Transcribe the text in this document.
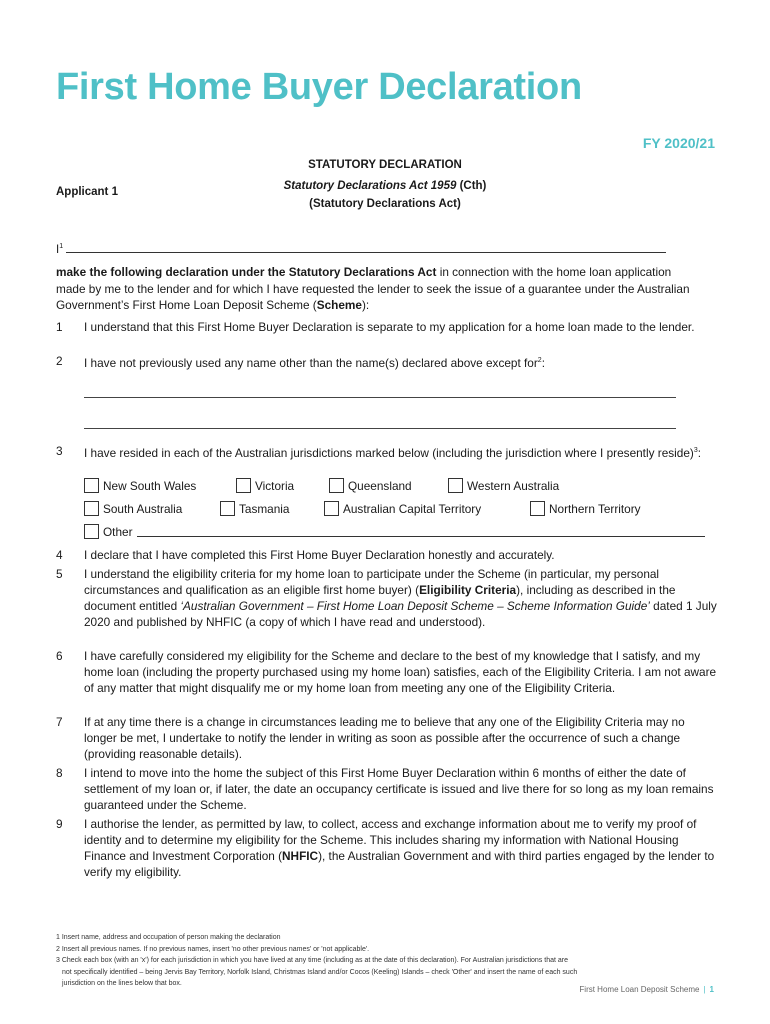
First Home Buyer Declaration
FY 2020/21
STATUTORY DECLARATION
Statutory Declarations Act 1959 (Cth)
(Statutory Declarations Act)
Applicant 1
$I^1$
make the following declaration under the Statutory Declarations Act in connection with the home loan application made by me to the lender and for which I have requested the lender to seek the issue of a guarantee under the Australian Government’s First Home Loan Deposit Scheme (Scheme):
1 I understand that this First Home Buyer Declaration is separate to my application for a home loan made to the lender.
2 I have not previously used any name other than the name(s) declared above except for$^2$:
3 I have resided in each of the Australian jurisdictions marked below (including the jurisdiction where I presently reside)$^3$:
New South Wales	Victoria	Queensland	Western Australia
South Australia	Tasmania	Australian Capital Territory	Northern Territory
Other
4 I declare that I have completed this First Home Buyer Declaration honestly and accurately.
5 I understand the eligibility criteria for my home loan to participate under the Scheme (in particular, my personal circumstances and qualification as an eligible first home buyer) (Eligibility Criteria), including as described in the document entitled ‘Australian Government – First Home Loan Deposit Scheme – Scheme Information Guide’ dated 1 July 2020 and published by NHFIC (a copy of which I have read and understood).
6 I have carefully considered my eligibility for the Scheme and declare to the best of my knowledge that I satisfy, and my home loan (including the property purchased using my home loan) satisfies, each of the Eligibility Criteria. I am not aware of any matter that might disqualify me or my home loan from meeting any one of the Eligibility Criteria.
7 If at any time there is a change in circumstances leading me to believe that any one of the Eligibility Criteria may no longer be met, I undertake to notify the lender in writing as soon as possible after the occurrence of such a change (providing reasonable details).
8 I intend to move into the home the subject of this First Home Buyer Declaration within 6 months of either the date of settlement of my loan or, if later, the date an occupancy certificate is issued and live there for so long as my loan remains guaranteed under the Scheme.
9 I authorise the lender, as permitted by law, to collect, access and exchange information about me to verify my proof of identity and to determine my eligibility for the Scheme. This includes sharing my information with National Housing Finance and Investment Corporation (NHFIC), the Australian Government and with third parties engaged by the lender to verify my eligibility.

1 Insert name, address and occupation of person making the declaration

2 Insert all previous names. If no previous names, insert 'no other previous names' or 'not applicable'.

3 Check each box (with an 'x') for each jurisdiction in which you have lived at any time (including as at the date of this declaration). For Australian jurisdictions that are

not specifically identified – being Jervis Bay Territory, Norfolk Island, Christmas Island and/or Cocos (Keeling) Islands – check 'Other' and insert the name of each such

jurisdiction on the lines below that box.

First Home Loan Deposit Scheme | 1
